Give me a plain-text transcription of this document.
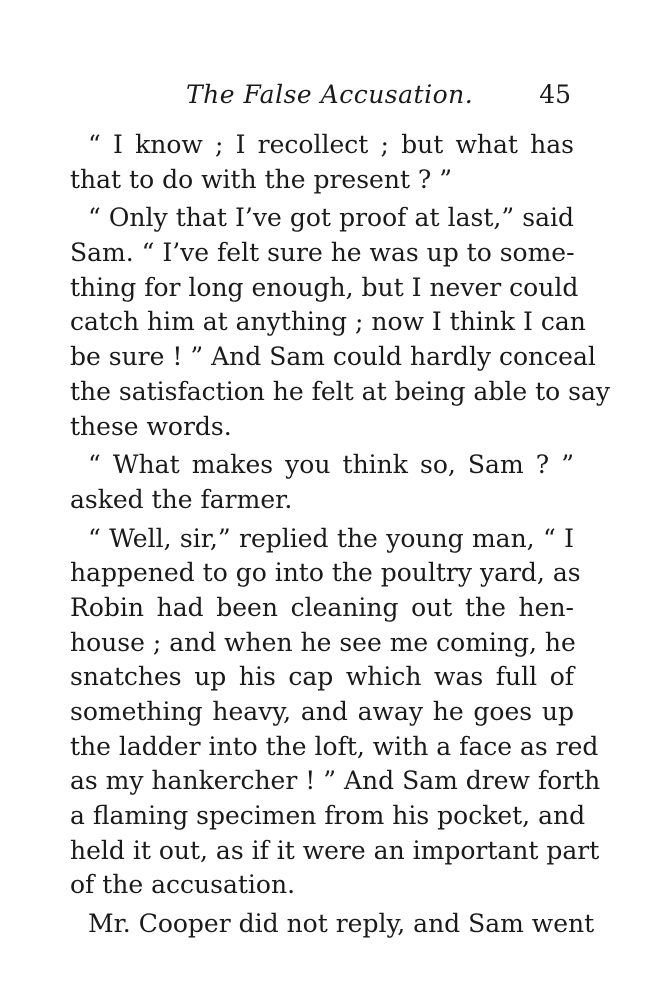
The False Accusation.	45
“ I know ; I recollect ; but what has
that to do with the present ? ”
“ Only that I’ve got proof at last,” said
Sam. “ I’ve felt sure he was up to some-
thing for long enough, but I never could
catch him at anything ; now I think I can
be sure ! ” And Sam could hardly conceal
the satisfaction he felt at being able to say
these words.
“ What makes you think so, Sam ? ”
asked the farmer.
“ Well, sir,” replied the young man, “ I
happened to go into the poultry yard, as
Robin had been cleaning out the hen-
house ; and when he see me coming, he
snatches up his cap which was full of
something heavy, and away he goes up
the ladder into the loft, with a face as red
as my hankercher ! ” And Sam drew forth
a flaming specimen from his pocket, and
held it out, as if it were an important part
of the accusation.
Mr. Cooper did not reply, and Sam went
